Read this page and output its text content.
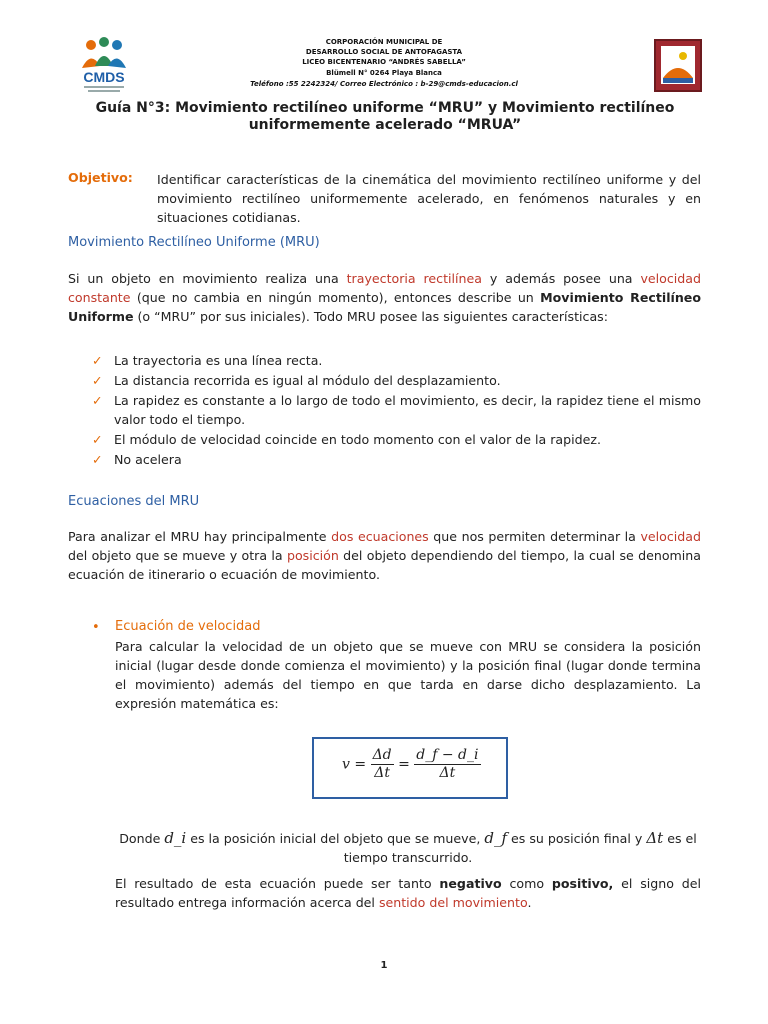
CMDS
CORPORACIÓN MUNICIPAL DE
DESARROLLO SOCIAL DE ANTOFAGASTA
LICEO BICENTENARIO “ANDRÉS SABELLA”
Blümell N° 0264 Playa Blanca
Teléfono :55 2242324/ Correo Electrónico : b-29@cmds-educacion.cl
Guía N°3: Movimiento rectilíneo uniforme “MRU” y Movimiento rectilíneo
uniformemente acelerado “MRUA”
Objetivo: Identificar características de la cinemática del movimiento rectilíneo uniforme y del movimiento rectilíneo uniformemente acelerado, en fenómenos naturales y en situaciones cotidianas.
Movimiento Rectilíneo Uniforme (MRU)
Si un objeto en movimiento realiza una trayectoria rectilínea y además posee una velocidad constante (que no cambia en ningún momento), entonces describe un Movimiento Rectilíneo Uniforme (o “MRU” por sus iniciales). Todo MRU posee las siguientes características:
✓ La trayectoria es una línea recta.
✓ La distancia recorrida es igual al módulo del desplazamiento.
✓ La rapidez es constante a lo largo de todo el movimiento, es decir, la rapidez tiene el mismo valor todo el tiempo.
✓ El módulo de velocidad coincide en todo momento con el valor de la rapidez.
✓ No acelera
Ecuaciones del MRU
Para analizar el MRU hay principalmente dos ecuaciones que nos permiten determinar la velocidad del objeto que se mueve y otra la posición del objeto dependiendo del tiempo, la cual se denomina ecuación de itinerario o ecuación de movimiento.
• Ecuación de velocidad
Para calcular la velocidad de un objeto que se mueve con MRU se considera la posición inicial (lugar desde donde comienza el movimiento) y la posición final (lugar donde termina el movimiento) además del tiempo en que tarda en darse dicho desplazamiento. La expresión matemática es:
$v = \frac{\Delta d}{\Delta t} = \frac{d\_f - d\_i}{\Delta t}$
Donde d_i es la posición inicial del objeto que se mueve, d_f es su posición final y Δt es el tiempo transcurrido.
El resultado de esta ecuación puede ser tanto negativo como positivo, el signo del resultado entrega información acerca del sentido del movimiento.
1
